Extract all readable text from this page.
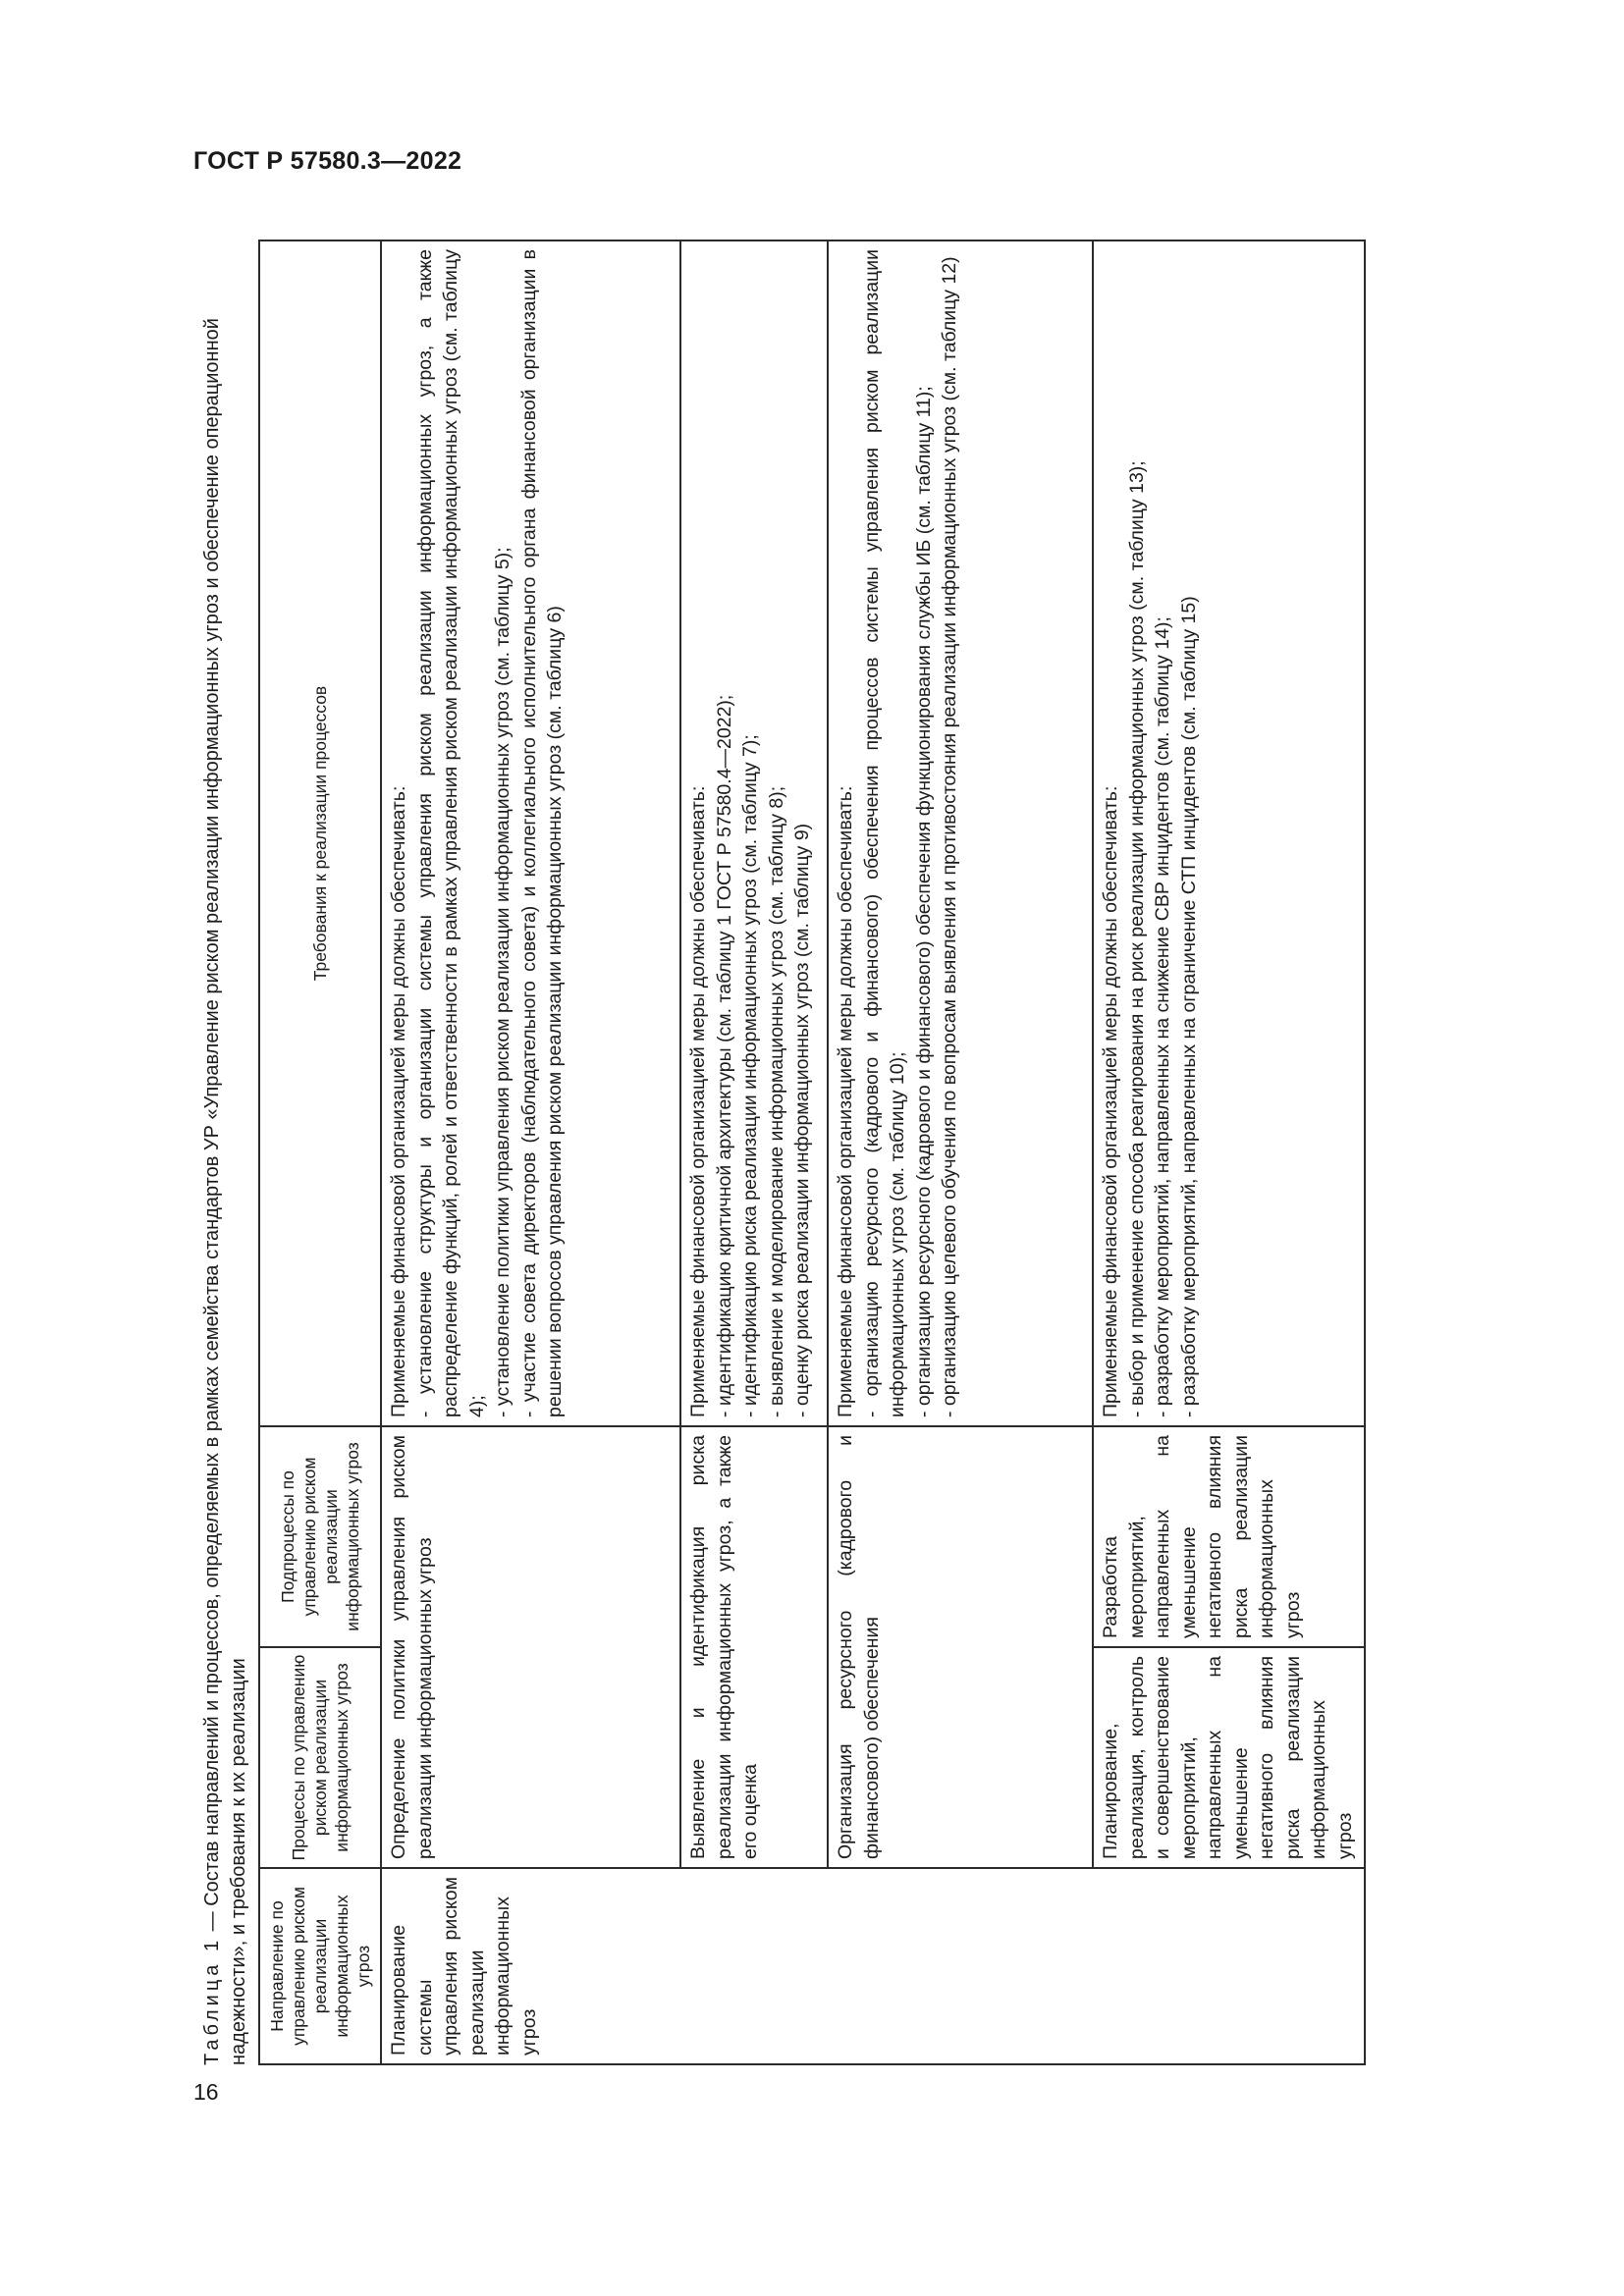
ГОСТ Р 57580.3—2022
16

Таблица 1 — Состав направлений и процессов, определяемых в рамках семейства стандартов УР «Управление риском реализации информационных угроз и обеспечение операционной надежности», и требования к их реализации Направление по управлению риском реализации информационных угроз	Процессы по управлению риском реализации информационных угроз	Подпроцессы по управлению риском реализации информационных угроз	Требования к реализации процессов
Планирование системы управления риском реализации информационных угроз	Определение политики управления риском реализации информационных угроз		Применяемые финансовой организацией меры должны обеспечивать: - установление структуры и организации системы управления риском реализации информационных угроз, а также распределение функций, ролей и ответственности в рамках управления риском реализации информационных угроз (см. таблицу 4); - установление политики управления риском реализации информационных угроз (см. таблицу 5); - участие совета директоров (наблюдательного совета) и коллегиального исполнительного органа финансовой организации в решении вопросов управления риском реализации информационных угроз (см. таблицу 6)

	Выявление и идентификация риска реализации информационных угроз, а также его оценка		Применяемые финансовой организацией меры должны обеспечивать: - идентификацию критичной архитектуры (см. таблицу 1 ГОСТ Р 57580.4—2022); - идентификацию риска реализации информационных угроз (см. таблицу 7); - выявление и моделирование информационных угроз (см. таблицу 8); - оценку риска реализации информационных угроз (см. таблицу 9)

	Организация ресурсного (кадрового и финансового) обеспечения		Применяемые финансовой организацией меры должны обеспечивать: - организацию ресурсного (кадрового и финансового) обеспечения процессов системы управления риском реализации информационных угроз (см. таблицу 10); - организацию ресурсного (кадрового и финансового) обеспечения функционирования службы ИБ (см. таблицу 11); - организацию целевого обучения по вопросам выявления и противостояния реализации информационных угроз (см. таблицу 12)

	Планирование, реализация, контроль и совершенствование мероприятий, направленных на уменьшение негативного влияния риска реализации информационных угроз	Разработка мероприятий, направленных на уменьшение негативного влияния риска реализации информационных угроз	Применяемые финансовой организацией меры должны обеспечивать: - выбор и применение способа реагирования на риск реализации информационных угроз (см. таблицу 13); - разработку мероприятий, направленных на снижение СВР инцидентов (см. таблицу 14); - разработку мероприятий, направленных на ограничение СТП инцидентов (см. таблицу 15)
